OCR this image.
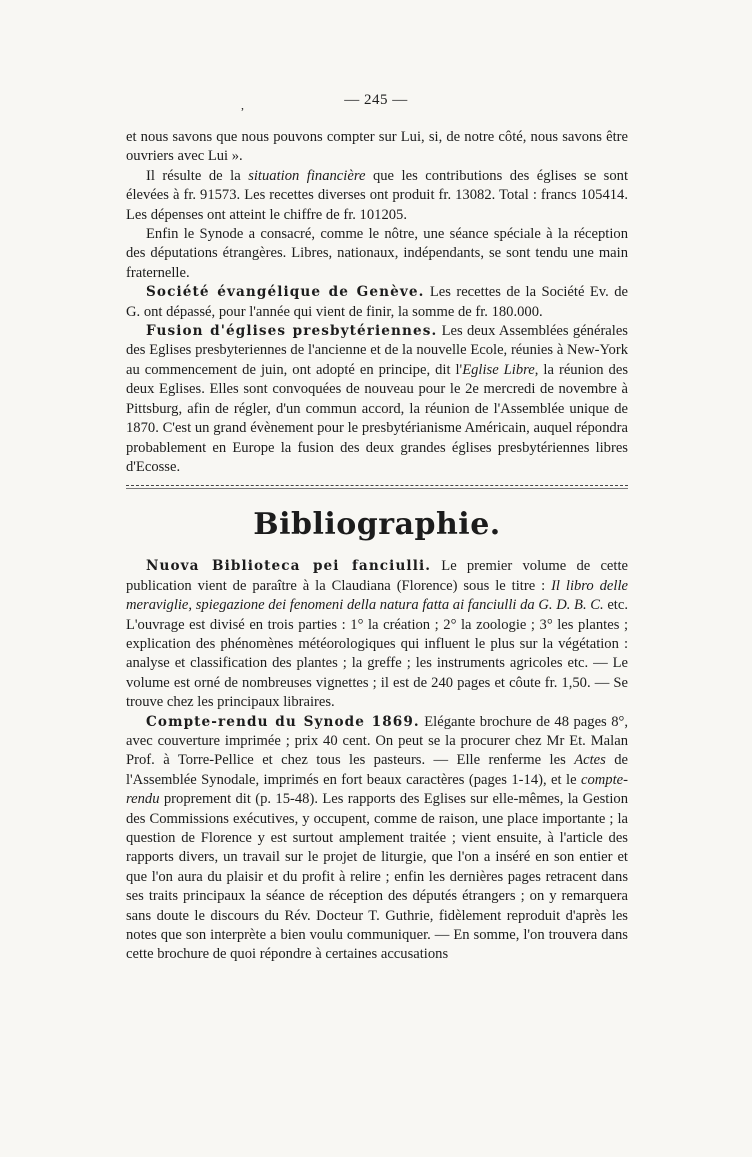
— 245 —
,

et nous savons que nous pouvons compter sur Lui, si, de notre côté, nous savons être ouvriers avec Lui ».

Il résulte de la situation financière que les contributions des églises se sont élevées à fr. 91573. Les recettes diverses ont produit fr. 13082. Total : francs 105414. Les dépenses ont atteint le chiffre de fr. 101205.

Enfin le Synode a consacré, comme le nôtre, une séance spéciale à la réception des députations étrangères. Libres, nationaux, indépendants, se sont tendu une main fraternelle.

Société évangélique de Genève. Les recettes de la Société Ev. de G. ont dépassé, pour l'année qui vient de finir, la somme de fr. 180.000.

Fusion d'églises presbytériennes. Les deux Assemblées générales des Eglises presbyteriennes de l'ancienne et de la nouvelle Ecole, réunies à New-York au commencement de juin, ont adopté en principe, dit l'Eglise Libre, la réunion des deux Eglises. Elles sont convoquées de nouveau pour le 2e mercredi de novembre à Pittsburg, afin de régler, d'un commun accord, la réunion de l'Assemblée unique de 1870. C'est un grand évènement pour le presbytérianisme Américain, auquel répondra probablement en Europe la fusion des deux grandes églises presbytériennes libres d'Ecosse.

Bibliographie.

Nuova Biblioteca pei fanciulli. Le premier volume de cette publication vient de paraître à la Claudiana (Florence) sous le titre : Il libro delle meraviglie, spiegazione dei fenomeni della natura fatta ai fanciulli da G. D. B. C. etc. L'ouvrage est divisé en trois parties : 1° la création ; 2° la zoologie ; 3° les plantes ; explication des phénomènes météorologiques qui influent le plus sur la végétation : analyse et classification des plantes ; la greffe ; les instruments agricoles etc. — Le volume est orné de nombreuses vignettes ; il est de 240 pages et côute fr. 1,50. — Se trouve chez les principaux libraires.

Compte-rendu du Synode 1869. Elégante brochure de 48 pages 8°, avec couverture imprimée ; prix 40 cent. On peut se la procurer chez Mr Et. Malan Prof. à Torre-Pellice et chez tous les pasteurs. — Elle renferme les Actes de l'Assemblée Synodale, imprimés en fort beaux caractères (pages 1-14), et le compte-rendu proprement dit (p. 15-48). Les rapports des Eglises sur elle-mêmes, la Gestion des Commissions exécutives, y occupent, comme de raison, une place importante ; la question de Florence y est surtout amplement traitée ; vient ensuite, à l'article des rapports divers, un travail sur le projet de liturgie, que l'on a inséré en son entier et que l'on aura du plaisir et du profit à relire ; enfin les dernières pages retracent dans ses traits principaux la séance de réception des députés étrangers ; on y remarquera sans doute le discours du Rév. Docteur T. Guthrie, fidèlement reproduit d'après les notes que son interprète a bien voulu communiquer. — En somme, l'on trouvera dans cette brochure de quoi répondre à certaines accusations
